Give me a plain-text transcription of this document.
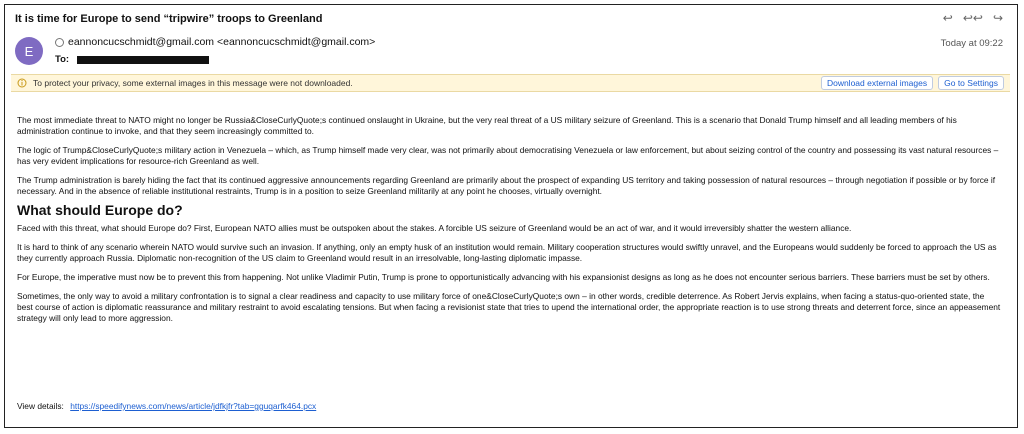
It is time for Europe to send “tripwire” troops to Greenland	↩ ↩↩ ↪
E
eannoncucschmidt@gmail.com <eannoncucschmidt@gmail.com>
To:
Today at 09:22
To protect your privacy, some external images in this message were not downloaded.	Download external images	Go to Settings

The most immediate threat to NATO might no longer be Russia&CloseCurlyQuote;s continued onslaught in Ukraine, but the very real threat of a US military seizure of Greenland. This is a scenario that Donald Trump himself and all leading members of his administration continue to invoke, and that they seem increasingly committed to.

The logic of Trump&CloseCurlyQuote;s military action in Venezuela – which, as Trump himself made very clear, was not primarily about democratising Venezuela or law enforcement, but about seizing control of the country and possessing its vast natural resources – has very evident implications for resource-rich Greenland as well.

The Trump administration is barely hiding the fact that its continued aggressive announcements regarding Greenland are primarily about the prospect of expanding US territory and taking possession of natural resources – through negotiation if possible or by force if necessary. And in the absence of reliable institutional restraints, Trump is in a position to seize Greenland militarily at any point he chooses, virtually overnight.

What should Europe do?

Faced with this threat, what should Europe do? First, European NATO allies must be outspoken about the stakes. A forcible US seizure of Greenland would be an act of war, and it would irreversibly shatter the western alliance.

It is hard to think of any scenario wherein NATO would survive such an invasion. If anything, only an empty husk of an institution would remain. Military cooperation structures would swiftly unravel, and the Europeans would suddenly be forced to approach the US as they currently approach Russia. Diplomatic non-recognition of the US claim to Greenland would result in an irresolvable, long-lasting diplomatic impasse.

For Europe, the imperative must now be to prevent this from happening. Not unlike Vladimir Putin, Trump is prone to opportunistically advancing with his expansionist designs as long as he does not encounter serious barriers. These barriers must be set by others.

Sometimes, the only way to avoid a military confrontation is to signal a clear readiness and capacity to use military force of one&CloseCurlyQuote;s own – in other words, credible deterrence. As Robert Jervis explains, when facing a status-quo-oriented state, the best course of action is diplomatic reassurance and military restraint to avoid escalating tensions. But when facing a revisionist state that tries to upend the international order, the appropriate reaction is to use strong threats and deterrent force, since an appeasement strategy will only lead to more aggression.

View details: https://speedifynews.com/news/article/jdfkjfr?tab=gguqarfk464.pcx
